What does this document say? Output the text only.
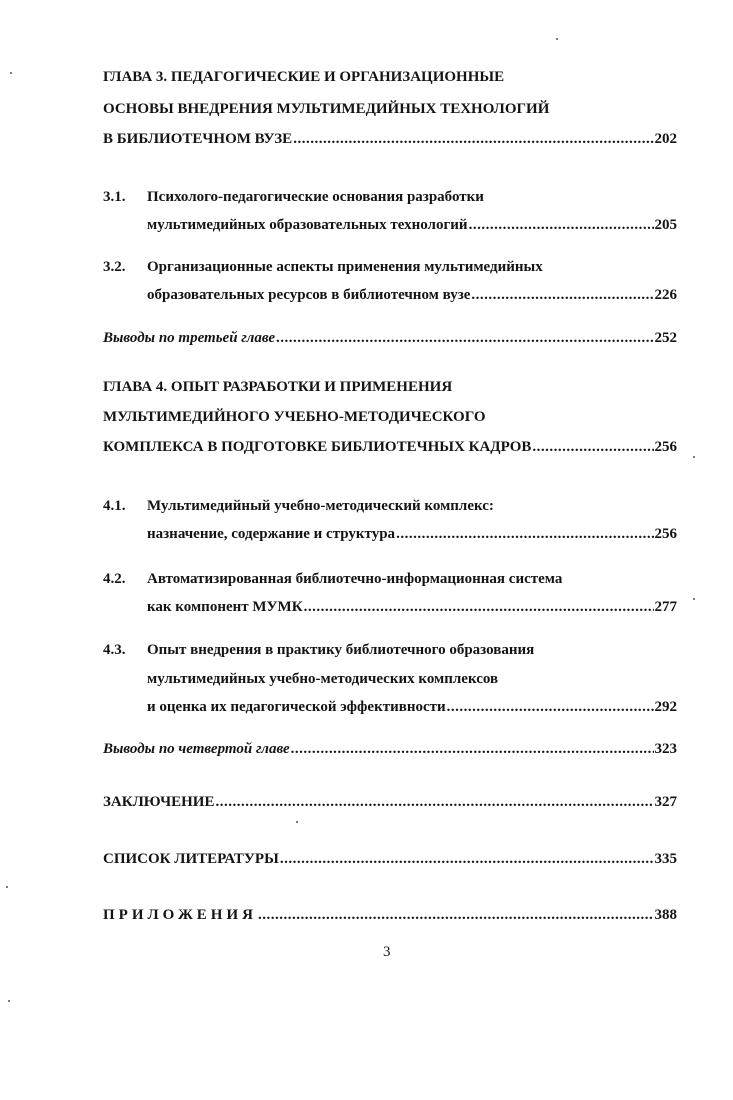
ГЛАВА 3. ПЕДАГОГИЧЕСКИЕ И ОРГАНИЗАЦИОННЫЕ
ОСНОВЫ ВНЕДРЕНИЯ МУЛЬТИМЕДИЙНЫХ ТЕХНОЛОГИЙ
В БИБЛИОТЕЧНОМ ВУЗЕ .....	202
3.1. Психолого-педагогические основания разработки
мультимедийных образовательных технологий .....	205
3.2. Организационные аспекты применения мультимедийных
образовательных ресурсов в библиотечном вузе .....	226
Выводы по третьей главе .....	252
ГЛАВА 4. ОПЫТ РАЗРАБОТКИ И ПРИМЕНЕНИЯ
МУЛЬТИМЕДИЙНОГО УЧЕБНО-МЕТОДИЧЕСКОГО
КОМПЛЕКСА В ПОДГОТОВКЕ БИБЛИОТЕЧНЫХ КАДРОВ .....	256
4.1. Мультимедийный учебно-методический комплекс:
назначение, содержание и структура .....	256
4.2. Автоматизированная библиотечно-информационная система
как компонент МУМК .....	277
4.3. Опыт внедрения в практику библиотечного образования
мультимедийных учебно-методических комплексов
и оценка их педагогической эффективности .....	292
Выводы по четвертой главе .....	323
ЗАКЛЮЧЕНИЕ .....	327
СПИСОК ЛИТЕРАТУРЫ .....	335
ПРИЛОЖЕНИЯ .....	388
3
